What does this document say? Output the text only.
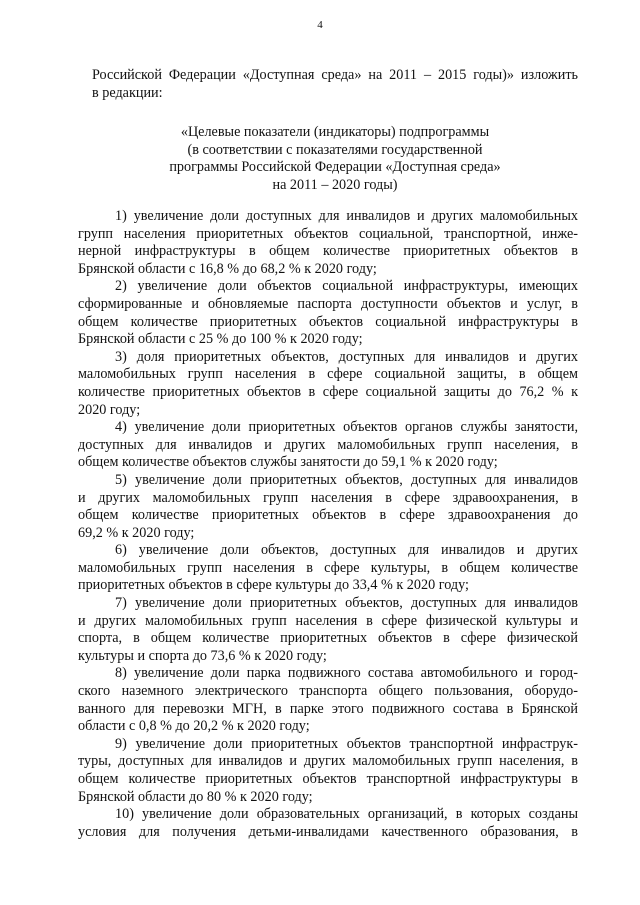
4
Российской Федерации «Доступная среда» на 2011 – 2015 годы)» изложить
в редакции:
«Целевые показатели (индикаторы) подпрограммы
(в соответствии с показателями государственной
программы Российской Федерации «Доступная среда»
на 2011 – 2020 годы)
1) увеличение доли доступных для инвалидов и других маломобильных
групп населения приоритетных объектов социальной, транспортной, инже-
нерной инфраструктуры в общем количестве приоритетных объектов в
Брянской области с 16,8 % до 68,2 % к 2020 году;
2) увеличение доли объектов социальной инфраструктуры, имеющих
сформированные и обновляемые паспорта доступности объектов и услуг, в
общем количестве приоритетных объектов социальной инфраструктуры в
Брянской области с 25 % до 100 % к 2020 году;
3) доля приоритетных объектов, доступных для инвалидов и других
маломобильных групп населения в сфере социальной защиты, в общем
количестве приоритетных объектов в сфере социальной защиты до 76,2 % к
2020 году;
4) увеличение доли приоритетных объектов органов службы занятости,
доступных для инвалидов и других маломобильных групп населения, в
общем количестве объектов службы занятости до 59,1 % к 2020 году;
5) увеличение доли приоритетных объектов, доступных для инвалидов
и других маломобильных групп населения в сфере здравоохранения, в
общем количестве приоритетных объектов в сфере здравоохранения до
69,2 % к 2020 году;
6) увеличение доли объектов, доступных для инвалидов и других
маломобильных групп населения в сфере культуры, в общем количестве
приоритетных объектов в сфере культуры до 33,4 % к 2020 году;
7) увеличение доли приоритетных объектов, доступных для инвалидов
и других маломобильных групп населения в сфере физической культуры и
спорта, в общем количестве приоритетных объектов в сфере физической
культуры и спорта до 73,6 % к 2020 году;
8) увеличение доли парка подвижного состава автомобильного и город-
ского наземного электрического транспорта общего пользования, оборудо-
ванного для перевозки МГН, в парке этого подвижного состава в Брянской
области с 0,8 % до 20,2 % к 2020 году;
9) увеличение доли приоритетных объектов транспортной инфраструк-
туры, доступных для инвалидов и других маломобильных групп населения, в
общем количестве приоритетных объектов транспортной инфраструктуры в
Брянской области до 80 % к 2020 году;
10) увеличение доли образовательных организаций, в которых созданы
условия для получения детьми-инвалидами качественного образования, в
